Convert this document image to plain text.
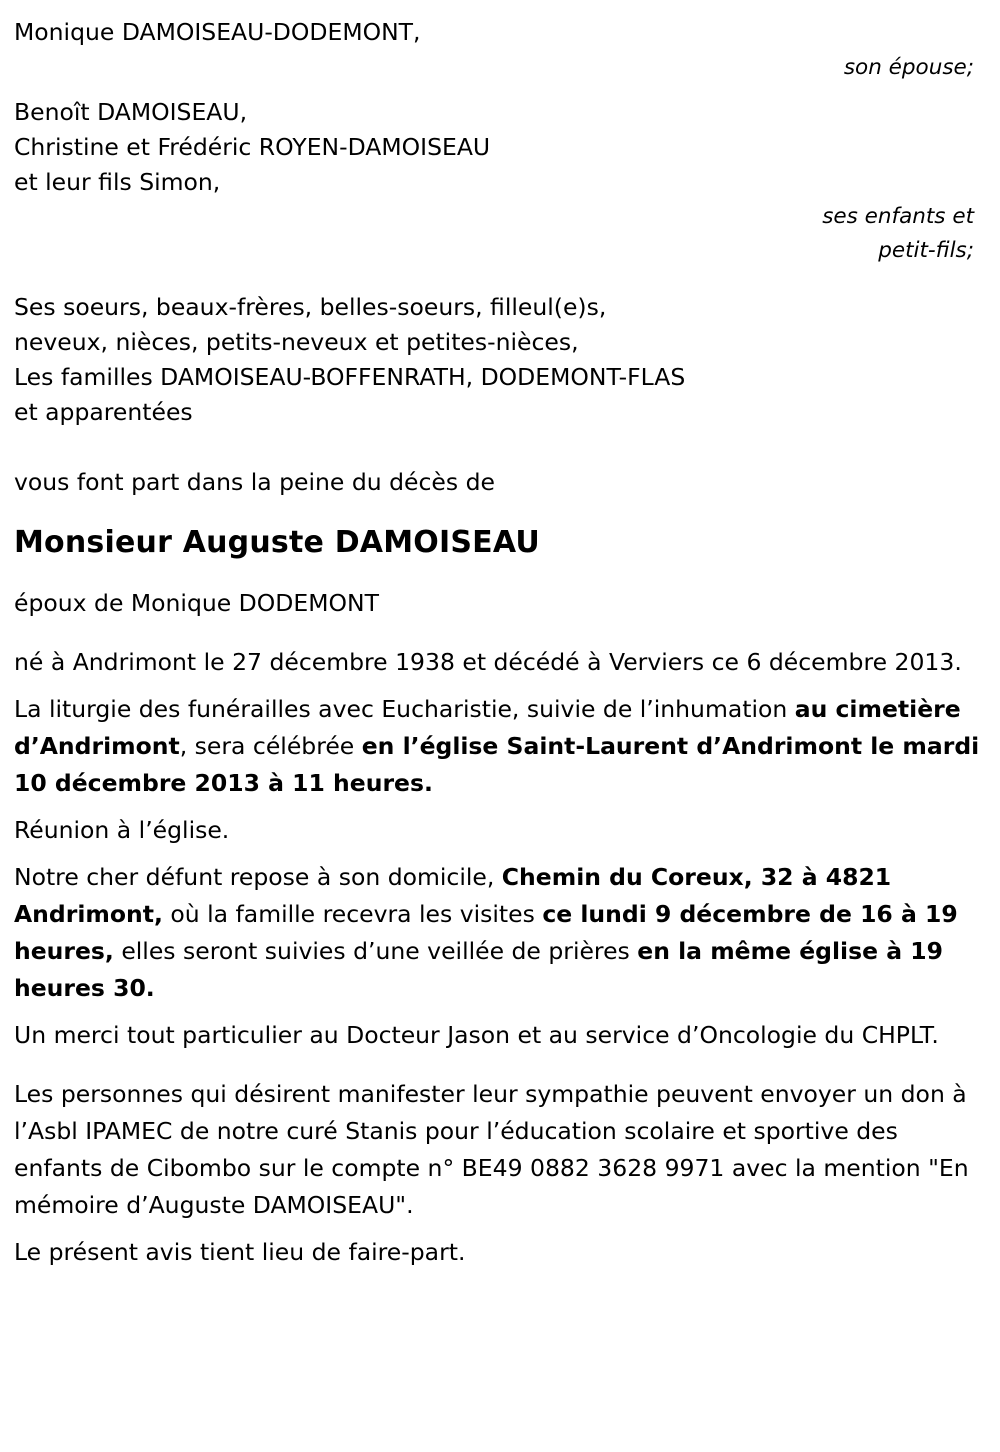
Monique DAMOISEAU-DODEMONT,
son épouse;
Benoît DAMOISEAU,
Christine et Frédéric ROYEN-DAMOISEAU
et leur fils Simon,
ses enfants et
petit-fils;
Ses soeurs, beaux-frères, belles-soeurs, filleul(e)s,
neveux, nièces, petits-neveux et petites-nièces,
Les familles DAMOISEAU-BOFFENRATH, DODEMONT-FLAS
et apparentées
vous font part dans la peine du décès de
Monsieur Auguste DAMOISEAU
époux de Monique DODEMONT

né à Andrimont le 27 décembre 1938 et décédé à Verviers ce 6 décembre 2013.

La liturgie des funérailles avec Eucharistie, suivie de l’inhumation au cimetière d’Andrimont, sera célébrée en l’église Saint-Laurent d’Andrimont le mardi 10 décembre 2013 à 11 heures.

Réunion à l’église.

Notre cher défunt repose à son domicile, Chemin du Coreux, 32 à 4821 Andrimont, où la famille recevra les visites ce lundi 9 décembre de 16 à 19 heures, elles seront suivies d’une veillée de prières en la même église à 19 heures 30.

Un merci tout particulier au Docteur Jason et au service d’Oncologie du CHPLT.

Les personnes qui désirent manifester leur sympathie peuvent envoyer un don à l’Asbl IPAMEC de notre curé Stanis pour l’éducation scolaire et sportive des enfants de Cibombo sur le compte n° BE49 0882 3628 9971 avec la mention "En mémoire d’Auguste DAMOISEAU".

Le présent avis tient lieu de faire-part.
